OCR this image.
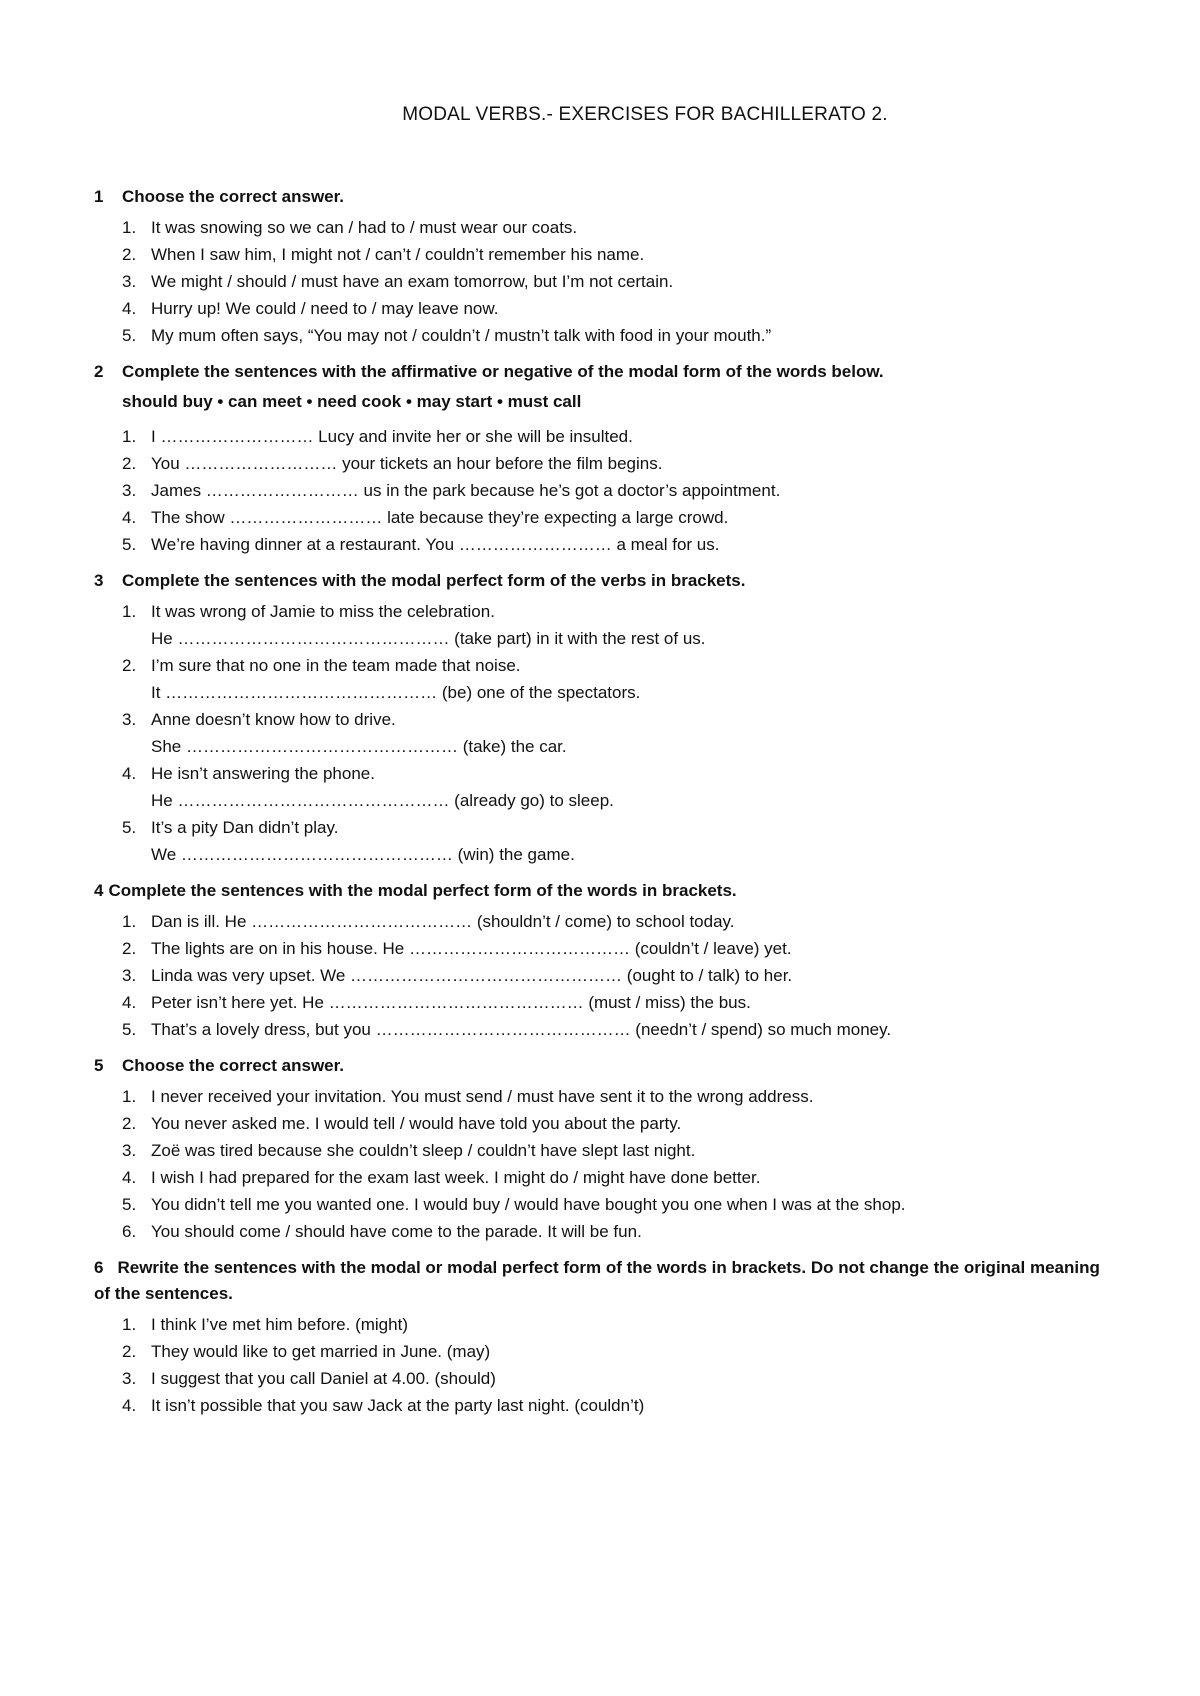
MODAL VERBS.- EXERCISES FOR BACHILLERATO 2.
1	Choose the correct answer.
1. It was snowing so we can / had to / must wear our coats.
2. When I saw him, I might not / can’t / couldn’t remember his name.
3. We might / should / must have an exam tomorrow, but I’m not certain.
4. Hurry up! We could / need to / may leave now.
5. My mum often says, “You may not / couldn’t / mustn’t talk with food in your mouth.”
2	Complete the sentences with the affirmative or negative of the modal form of the words below.
should buy • can meet • need cook • may start • must call
1. I ……………………… Lucy and invite her or she will be insulted.
2. You ……………………… your tickets an hour before the film begins.
3. James ……………………… us in the park because he’s got a doctor’s appointment.
4. The show ……………………… late because they’re expecting a large crowd.
5. We’re having dinner at a restaurant. You ……………………… a meal for us.
3	Complete the sentences with the modal perfect form of the verbs in brackets.
1. It was wrong of Jamie to miss the celebration.
He ………………………………………… (take part) in it with the rest of us.
2. I’m sure that no one in the team made that noise.
It ………………………………………… (be) one of the spectators.
3. Anne doesn’t know how to drive.
She ………………………………………… (take) the car.
4. He isn’t answering the phone.
He ………………………………………… (already go) to sleep.
5. It’s a pity Dan didn’t play.
We ………………………………………… (win) the game.
4 Complete the sentences with the modal perfect form of the words in brackets.
1. Dan is ill. He ………………………………… (shouldn’t / come) to school today.
2. The lights are on in his house. He ………………………………… (couldn’t / leave) yet.
3. Linda was very upset. We ………………………………………… (ought to / talk) to her.
4. Peter isn’t here yet. He ……………………………………… (must / miss) the bus.
5. That’s a lovely dress, but you ……………………………………… (needn’t / spend) so much money.
5	Choose the correct answer.
1. I never received your invitation. You must send / must have sent it to the wrong address.
2. You never asked me. I would tell / would have told you about the party.
3. Zoë was tired because she couldn’t sleep / couldn’t have slept last night.
4. I wish I had prepared for the exam last week. I might do / might have done better.
5. You didn’t tell me you wanted one. I would buy / would have bought you one when I was at the shop.
6. You should come / should have come to the parade. It will be fun.
6 Rewrite the sentences with the modal or modal perfect form of the words in brackets. Do not change the original meaning of the sentences.
1. I think I’ve met him before. (might)
2. They would like to get married in June. (may)
3. I suggest that you call Daniel at 4.00. (should)
4. It isn’t possible that you saw Jack at the party last night. (couldn’t)
